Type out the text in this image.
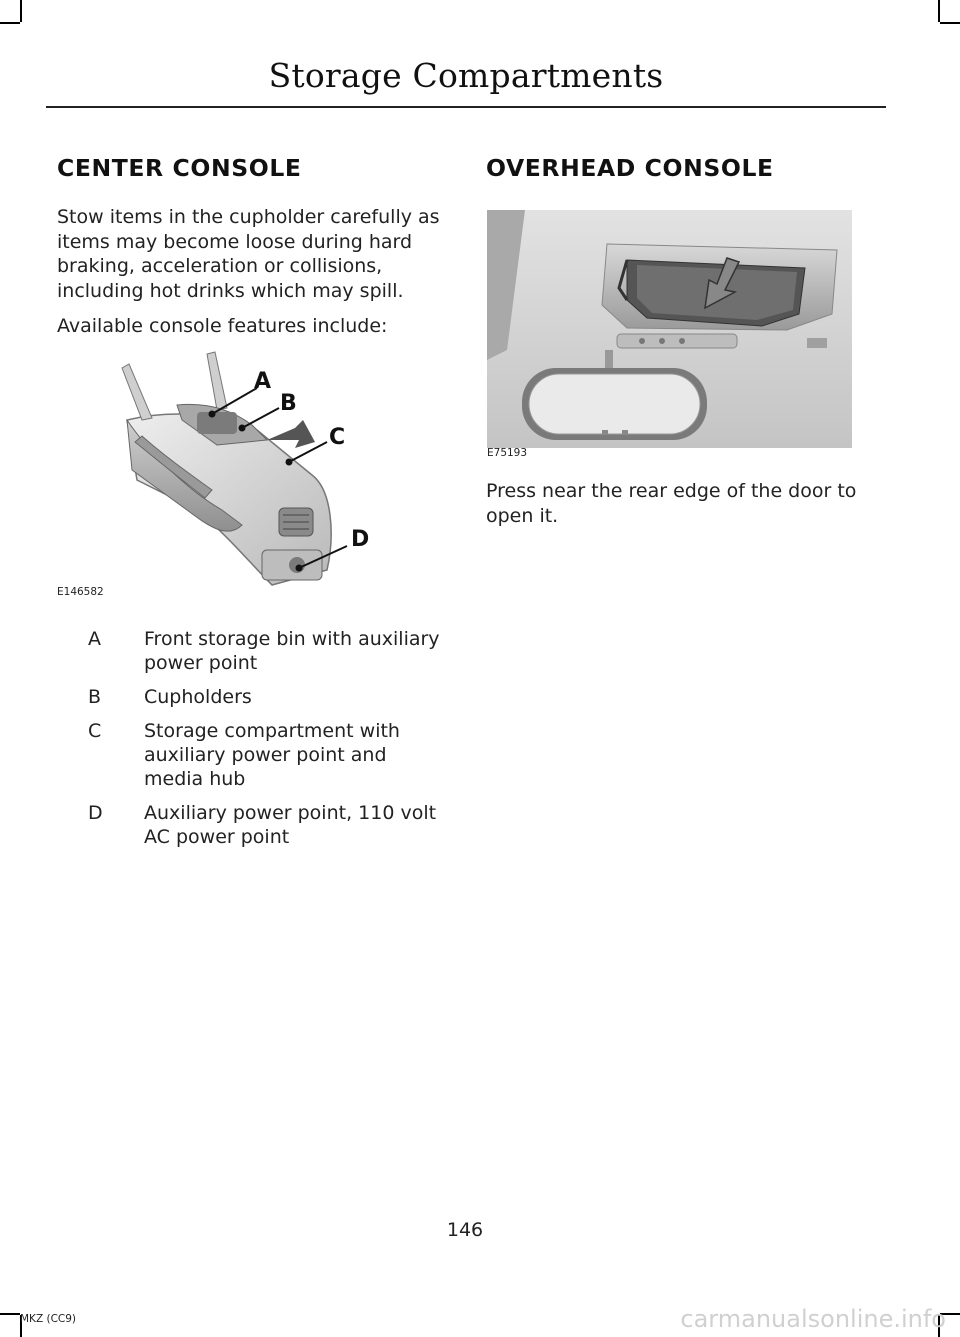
Storage Compartments
CENTER CONSOLE
Stow items in the cupholder carefully as items may become loose during hard braking, acceleration or collisions, including hot drinks which may spill.
Available console features include:
A
B
C
D
E146582
A	Front storage bin with auxiliary power point
B	Cupholders
C	Storage compartment with auxiliary power point and media hub
D	Auxiliary power point, 110 volt AC power point
OVERHEAD CONSOLE
E75193
Press near the rear edge of the door to open it.
146
MKZ (CC9)	carmanualsonline.info
